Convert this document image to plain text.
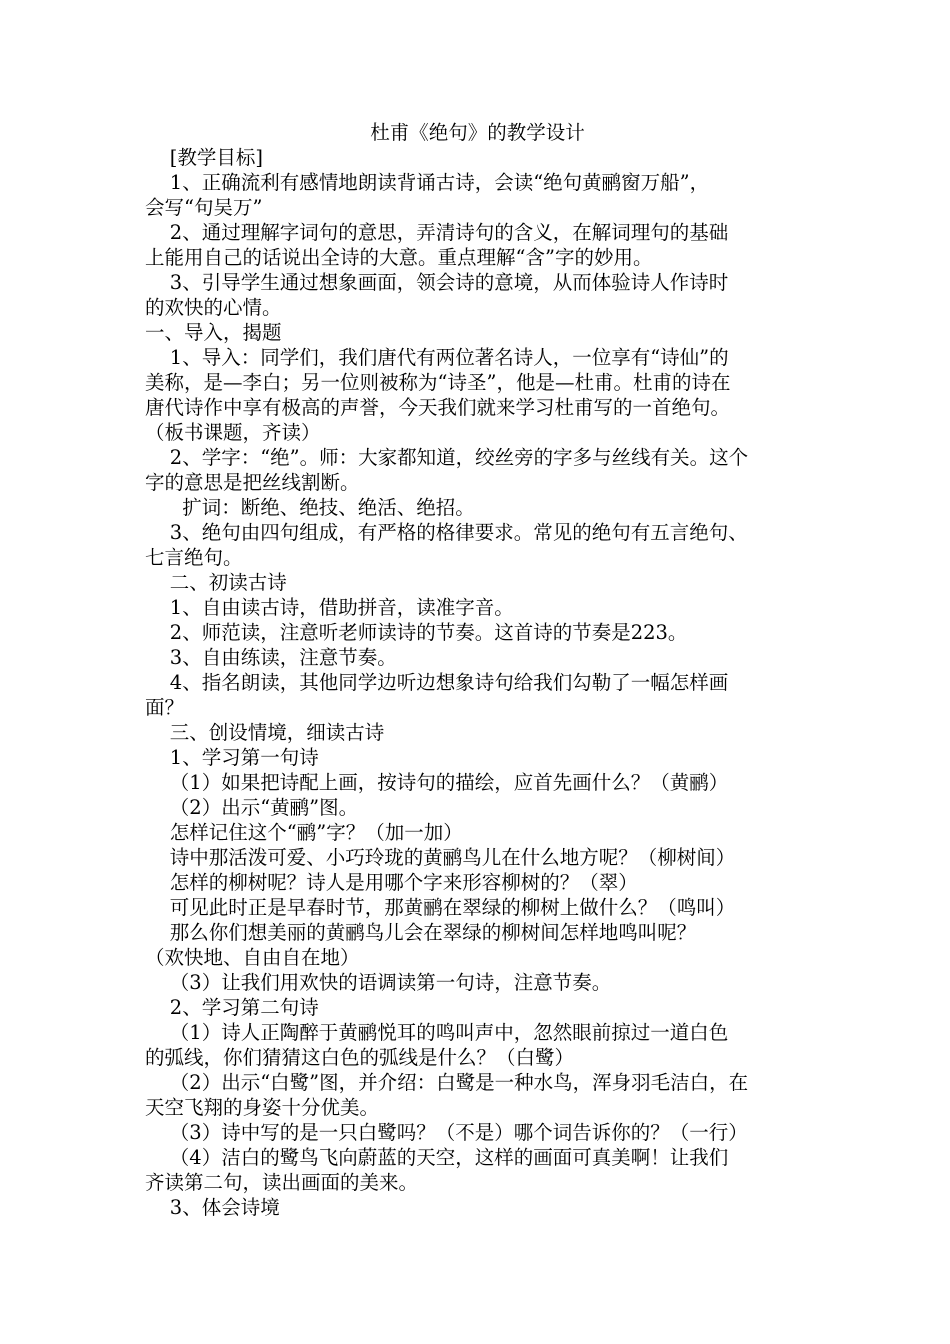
杜甫《绝句》的教学设计
[教学目标]
1、正确流利有感情地朗读背诵古诗，会读“绝句黄鹂窗万船”，
会写“句吴万”
2、通过理解字词句的意思，弄清诗句的含义，在解词理句的基础
上能用自己的话说出全诗的大意。重点理解“含”字的妙用。
3、引导学生通过想象画面，领会诗的意境，从而体验诗人作诗时
的欢快的心情。
一、导入，揭题
1、导入：同学们，我们唐代有两位著名诗人，一位享有“诗仙”的
美称，是—李白；另一位则被称为“诗圣”，他是—杜甫。杜甫的诗在
唐代诗作中享有极高的声誉，今天我们就来学习杜甫写的一首绝句。
（板书课题，齐读）
2、学字：“绝”。师：大家都知道，绞丝旁的字多与丝线有关。这个
字的意思是把丝线割断。
扩词：断绝、绝技、绝活、绝招。
3、绝句由四句组成，有严格的格律要求。常见的绝句有五言绝句、
七言绝句。
二、初读古诗
1、自由读古诗，借助拼音，读准字音。
2、师范读，注意听老师读诗的节奏。这首诗的节奏是223。
3、自由练读，注意节奏。
4、指名朗读，其他同学边听边想象诗句给我们勾勒了一幅怎样画
面？
三、创设情境，细读古诗
1、学习第一句诗
（1）如果把诗配上画，按诗句的描绘，应首先画什么？（黄鹂）
（2）出示“黄鹂”图。
怎样记住这个“鹂”字？（加一加）
诗中那活泼可爱、小巧玲珑的黄鹂鸟儿在什么地方呢？（柳树间）
怎样的柳树呢？诗人是用哪个字来形容柳树的？（翠）
可见此时正是早春时节，那黄鹂在翠绿的柳树上做什么？（鸣叫）
那么你们想美丽的黄鹂鸟儿会在翠绿的柳树间怎样地鸣叫呢？
（欢快地、自由自在地）
（3）让我们用欢快的语调读第一句诗，注意节奏。
2、学习第二句诗
（1）诗人正陶醉于黄鹂悦耳的鸣叫声中，忽然眼前掠过一道白色
的弧线，你们猜猜这白色的弧线是什么？（白鹭）
（2）出示“白鹭”图，并介绍：白鹭是一种水鸟，浑身羽毛洁白，在
天空飞翔的身姿十分优美。
（3）诗中写的是一只白鹭吗？（不是）哪个词告诉你的？（一行）
（4）洁白的鹭鸟飞向蔚蓝的天空，这样的画面可真美啊！让我们
齐读第二句，读出画面的美来。
3、体会诗境
